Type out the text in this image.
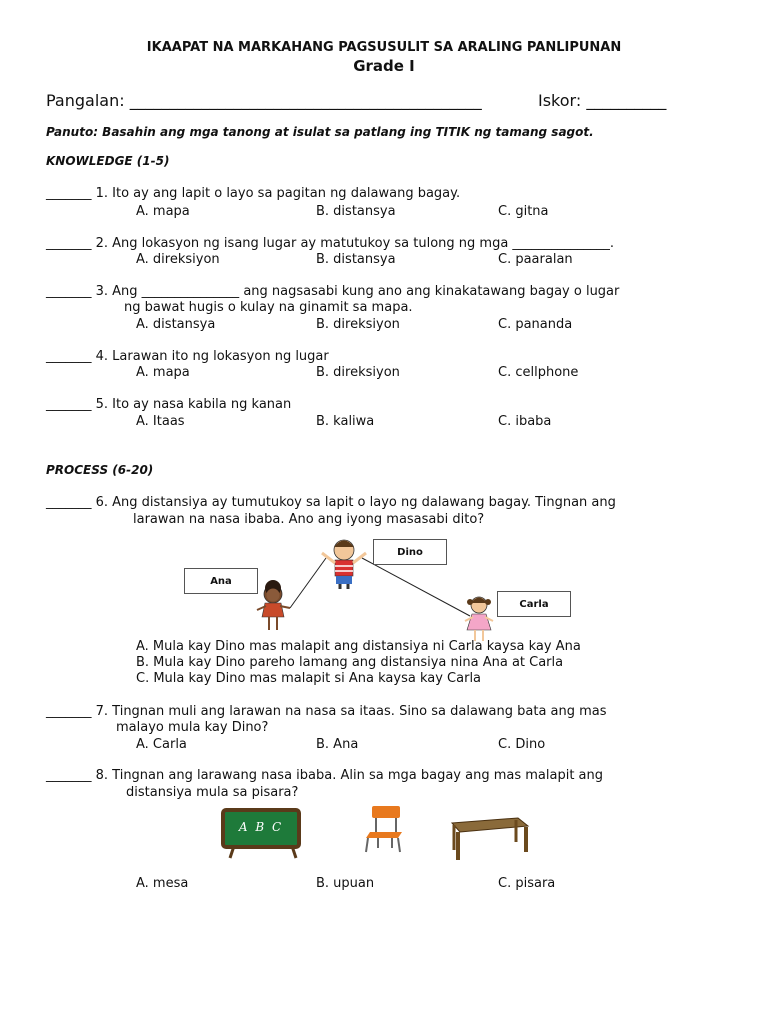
IKAAPAT NA MARKAHANG PAGSUSULIT SA ARALING PANLIPUNAN
Grade I
Pangalan: ____________________________________________	Iskor: __________
Panuto: Basahin ang mga tanong at isulat sa patlang ing TITIK ng tamang sagot.
KNOWLEDGE (1-5)
_______ 1. Ito ay ang lapit o layo sa pagitan ng dalawang bagay.
A. mapa	B. distansya	C. gitna
_______ 2. Ang lokasyon ng isang lugar ay matutukoy sa tulong ng mga _______________.
A. direksiyon	B. distansya	C. paaralan
_______ 3. Ang _______________ ang nagsasabi kung ano ang kinakatawang bagay o lugar
ng bawat hugis o kulay na ginamit sa mapa.
A. distansya	B. direksiyon	C. pananda
_______ 4. Larawan ito ng lokasyon ng lugar
A. mapa	B. direksiyon	C. cellphone
_______ 5. Ito ay nasa kabila ng kanan
A. Itaas	B. kaliwa	C. ibaba
PROCESS (6-20)
_______ 6. Ang distansiya ay tumutukoy sa lapit o layo ng dalawang bagay. Tingnan ang
larawan na nasa ibaba. Ano ang iyong masasabi dito?
Ana
Dino
Carla
A. Mula kay Dino mas malapit ang distansiya ni Carla kaysa kay Ana
B. Mula kay Dino pareho lamang ang distansiya nina Ana at Carla
C. Mula kay Dino mas malapit si Ana kaysa kay Carla
_______ 7. Tingnan muli ang larawan na nasa sa itaas. Sino sa dalawang bata ang mas
malayo mula kay Dino?
A. Carla	B. Ana	C. Dino
_______ 8. Tingnan ang larawang nasa ibaba. Alin sa mga bagay ang mas malapit ang
distansiya mula sa pisara?
A B C
A. mesa	B. upuan	C. pisara
